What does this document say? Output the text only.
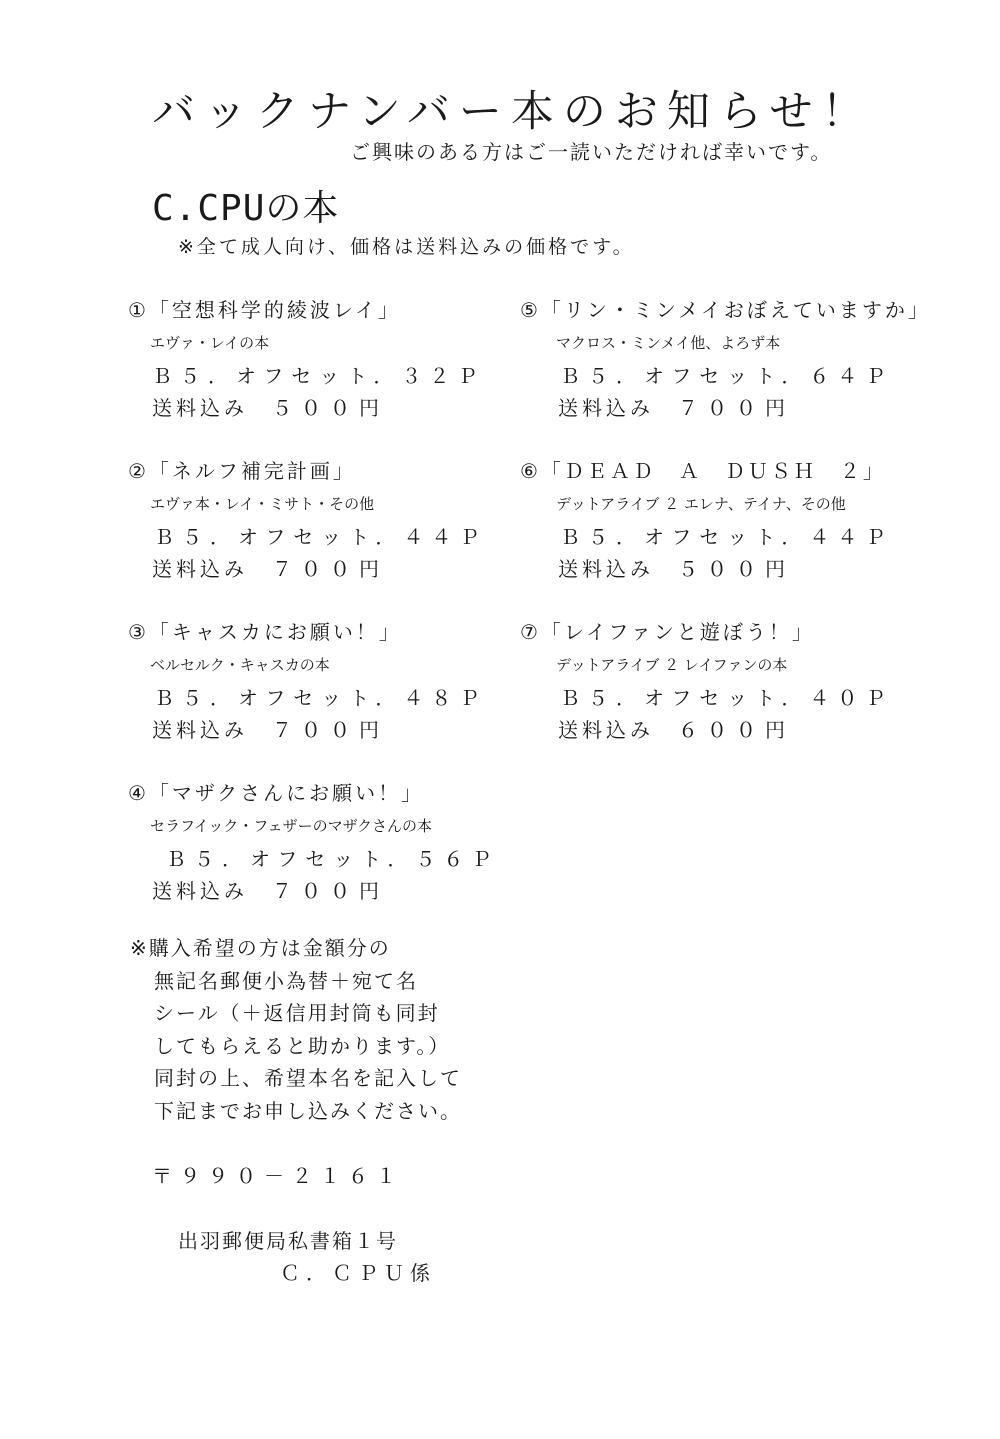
バックナンバー本のお知らせ！
ご興味のある方はご一読いただければ幸いです。
C.CPUの本
※全て成人向け、価格は送料込みの価格です。
①「空想科学的綾波レイ」
エヴァ・レイの本
Ｂ５．オフセット．３２Ｐ
送料込み ５００円
②「ネルフ補完計画」
エヴァ本・レイ・ミサト・その他
Ｂ５．オフセット．４４Ｐ
送料込み ７００円
③「キャスカにお願い！」
ベルセルク・キャスカの本
Ｂ５．オフセット．４８Ｐ
送料込み ７００円
④「マザクさんにお願い！」
セラフイック・フェザーのマザクさんの本
Ｂ５．オフセット．５６Ｐ
送料込み ７００円
⑤「リン・ミンメイおぼえていますか」
マクロス・ミンメイ他、よろず本
Ｂ５．オフセット．６４Ｐ
送料込み ７００円
⑥「ＤＥＡＤ　Ａ　ＤＵＳＨ　２」
デットアライブ ２ エレナ、テイナ、その他
Ｂ５．オフセット．４４Ｐ
送料込み ５００円
⑦「レイファンと遊ぼう！」
デットアライブ ２ レイファンの本
Ｂ５．オフセット．４０Ｐ
送料込み ６００円
※購入希望の方は金額分の
無記名郵便小為替＋宛て名
シール（＋返信用封筒も同封
してもらえると助かります。）
同封の上、希望本名を記入して
下記までお申し込みください。
〒９９０－２１６１
出羽郵便局私書箱１号
Ｃ．ＣＰＵ係
